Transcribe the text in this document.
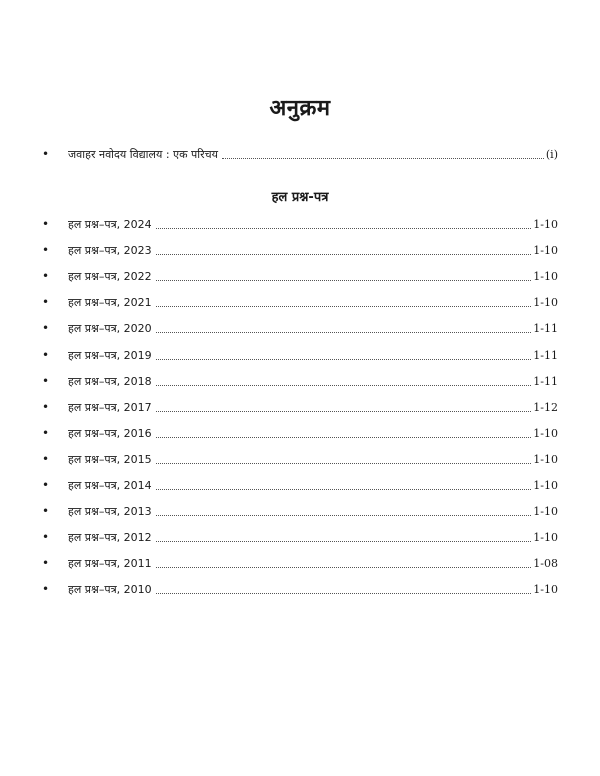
अनुक्रम
• जवाहर नवोदय विद्यालय : एक परिचय	(i)
हल प्रश्न-पत्र
• हल प्रश्न–पत्र, 2024	1-10
• हल प्रश्न–पत्र, 2023	1-10
• हल प्रश्न–पत्र, 2022	1-10
• हल प्रश्न–पत्र, 2021	1-10
• हल प्रश्न–पत्र, 2020	1-11
• हल प्रश्न–पत्र, 2019	1-11
• हल प्रश्न–पत्र, 2018	1-11
• हल प्रश्न–पत्र, 2017	1-12
• हल प्रश्न–पत्र, 2016	1-10
• हल प्रश्न–पत्र, 2015	1-10
• हल प्रश्न–पत्र, 2014	1-10
• हल प्रश्न–पत्र, 2013	1-10
• हल प्रश्न–पत्र, 2012	1-10
• हल प्रश्न–पत्र, 2011	1-08
• हल प्रश्न–पत्र, 2010	1-10
